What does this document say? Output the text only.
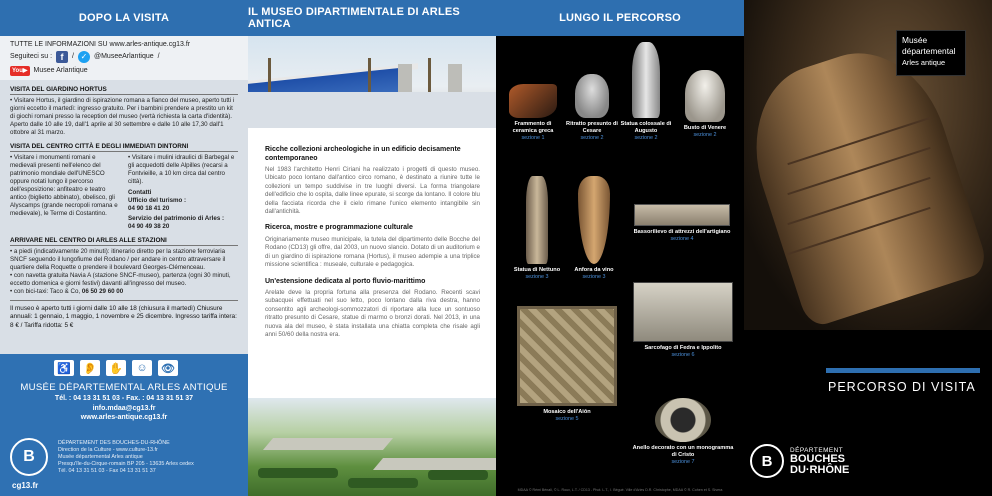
DOPO LA VISITA
TUTTE LE INFORMAZIONI SU www.arles-antique.cg13.fr
Seguiteci su : f	/ ✓ @MuseeArlantique /
You▶ Musee Arlantique
VISITA DEL GIARDINO HORTUS
• Visitare Hortus, il giardino di ispirazione romana a fianco del museo, aperto tutti i giorni eccetto il martedì: ingresso gratuito. Per i bambini prendere a prestito un kit di giochi romani presso la reception del museo (vertà richiesta la carta d'identità). Aperto dalle 10 alle 19, dall'1 aprile al 30 settembre e dalle 10 alle 17,30 dall'1 ottobre al 31 marzo.
VISITA DEL CENTRO CITTÀ E DEGLI IMMEDIATI DINTORNI
• Visitare i monumenti romani e medievali presenti nell'elenco del patrimonio mondiale dell'UNESCO oppure notati lungo il percorso dell'esposizione: anfiteatro e teatro antico (biglietto abbinato), obelisco, gli Alyscamps (grande necropoli romana e medievale), le Terme di Costantino.
• Visitare i mulini idraulici di Barbegal e gli acquedotti delle Alpilles (recarsi a Fontvieille, a 10 km circa dal centro città).
Contatti
Ufficio del turismo :
04 90 18 41 20
Servizio del patrimonio di Arles :
04 90 49 38 20
ARRIVARE NEL CENTRO DI ARLES ALLE STAZIONI
• a piedi (indicativamente 20 minuti): itinerario diretto per la stazione ferroviaria SNCF seguendo il lungofiume del Rodano / per andare in centro attraversare il quartiere della Roquette o prendere il boulevard Georges-Clémenceau.
• con navetta gratuita Navia A (stazione SNCF-museo), partenza (ogni 30 minuti, eccetto domenica e giorni festivi) davanti all'ingresso del museo.
• con bici-taxi: Taco & Co, 06 50 29 60 00
Il museo è aperto tutti i giorni dalle 10 alle 18 (chiusura il martedì) Chiusure annuali: 1 gennaio, 1 maggio, 1 novembre e 25 dicembre. Ingresso tariffa intera: 8 € / Tariffa ridotta: 5 €
♿ 👂 ✋	☺	👁
MUSÉE DÉPARTEMENTAL ARLES ANTIQUE
Tél. : 04 13 31 51 03 - Fax. : 04 13 31 51 37
info.mdaa@cg13.fr
www.arles-antique.cg13.fr
B
DÉPARTEMENT DES BOUCHES-DU-RHÔNE
Direction de la Culture - www.culture-13.fr
Musée départemental Arles antique
Presqu'île-du-Cirque-romain BP 205 - 13635 Arles cedex
Tél. 04 13 31 51 03 - Fax 04 13 31 51 37
cg13.fr
IL MUSEO DIPARTIMENTALE DI ARLES ANTICA
Ricche collezioni archeologiche in un edificio decisamente contemporaneo
Nel 1983 l'architetto Henri Ciriani ha realizzato i progetti di questo museo. Ubicato poco lontano dall'antico circo romano, è destinato a riunire tutte le collezioni un tempo suddivise in tre luoghi diversi. La forma triangolare dell'edificio che lo ospita, dalle linee epurate, si scorge da lontano. Il colore blu della facciata ricorda che il cielo rimane l'unico elemento intangibile sin dall'antichità.
Ricerca, mostre e programmazione culturale
Originariamente museo municipale, la tutela del dipartimento delle Bocche del Rodano (CD13) gli offre, dal 2003, un nuovo slancio. Dotato di un auditorium e di un giardino di ispirazione romana (Hortus), il museo adempie a una triplice missione scientifica : museale, culturale e pedagogica.
Un'estensione dedicata al porto fluvio-marittimo
Arelate deve la propria fortuna alla presenza del Rodano. Recenti scavi subacquei effettuati nel suo letto, poco lontano dalla riva destra, hanno consentito agli archeologi-sommozzatori di riportare alla luce un sontuoso ritratto presunto di Cesare, statue di marmo o bronzi dorati. Nel 2013, in una nuova ala del museo, è stata installata una chiatta completa che risale agli anni 50/60 della nostra era.
LUNGO IL PERCORSO
Frammento di ceramica greca
sezione 1
Ritratto presunto di Cesare
sezione 2
Statua colossale di Augusto
sezione 2
Busto di Venere
sezione 2
Statua di Nettuno
sezione 3
Anfora da vino
sezione 3
Bassorilievo di attrezzi dell'artigiano
sezione 4
Sarcofago di Fedra e Ippolito
sezione 6
Mosaico dell'Aiôn
sezione 5
Anello decorato con un monogramma di Cristo
sezione 7
MDAA © Rémi Bénali, © L. Roux, L.T. / CD13 - Phot. L.T., I. Bégué. Ville d'Arles D.R. Christophe, MDAA © R. Cohen et S. Sivera
Musée
départemental
Arles antique
PERCORSO DI VISITA
B
DÉPARTEMENT
BOUCHES
DU·RHÔNE
